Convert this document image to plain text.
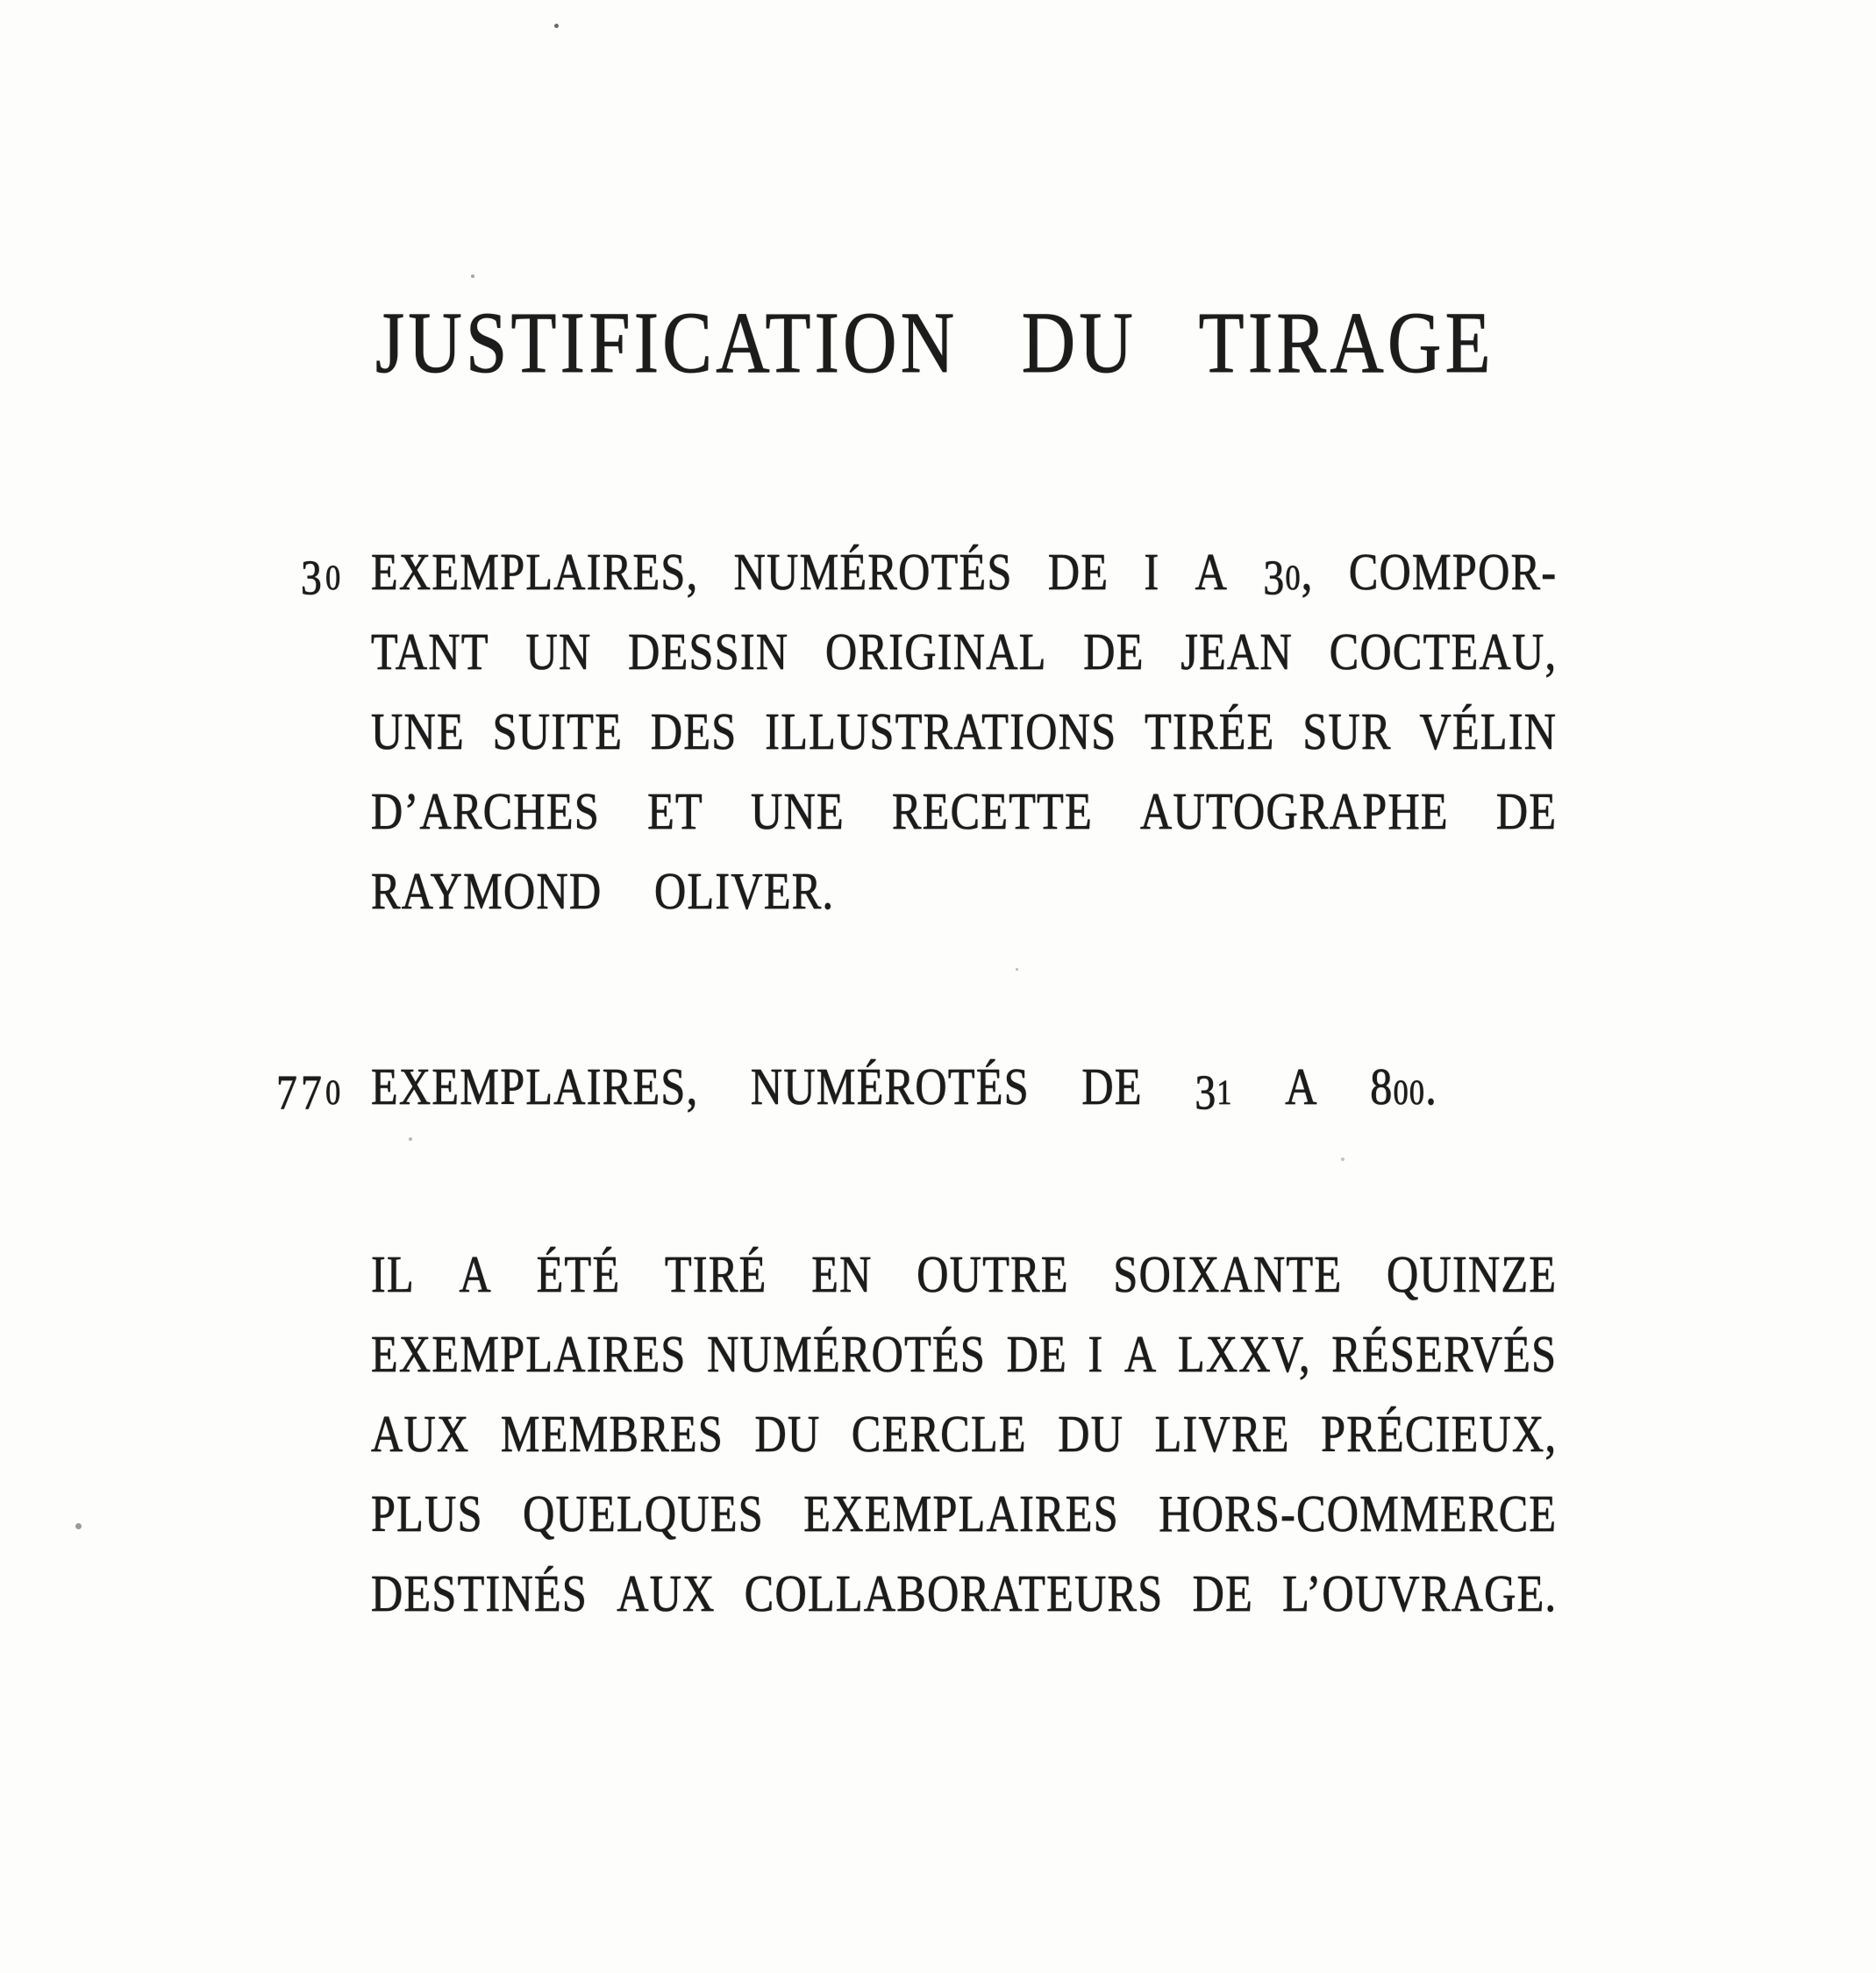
JUSTIFICATION DU TIRAGE
30 EXEMPLAIRES, NUMÉROTÉS DE I A 30, COMPOR-
TANT UN DESSIN ORIGINAL DE JEAN COCTEAU,
UNE SUITE DES ILLUSTRATIONS TIRÉE SUR VÉLIN
D’ARCHES ET UNE RECETTE AUTOGRAPHE DE
RAYMOND OLIVER.
770 EXEMPLAIRES, NUMÉROTÉS DE 31 A 800.
IL A ÉTÉ TIRÉ EN OUTRE SOIXANTE QUINZE
EXEMPLAIRES NUMÉROTÉS DE I A LXXV, RÉSERVÉS
AUX MEMBRES DU CERCLE DU LIVRE PRÉCIEUX,
PLUS QUELQUES EXEMPLAIRES HORS-COMMERCE
DESTINÉS AUX COLLABORATEURS DE L’OUVRAGE.
